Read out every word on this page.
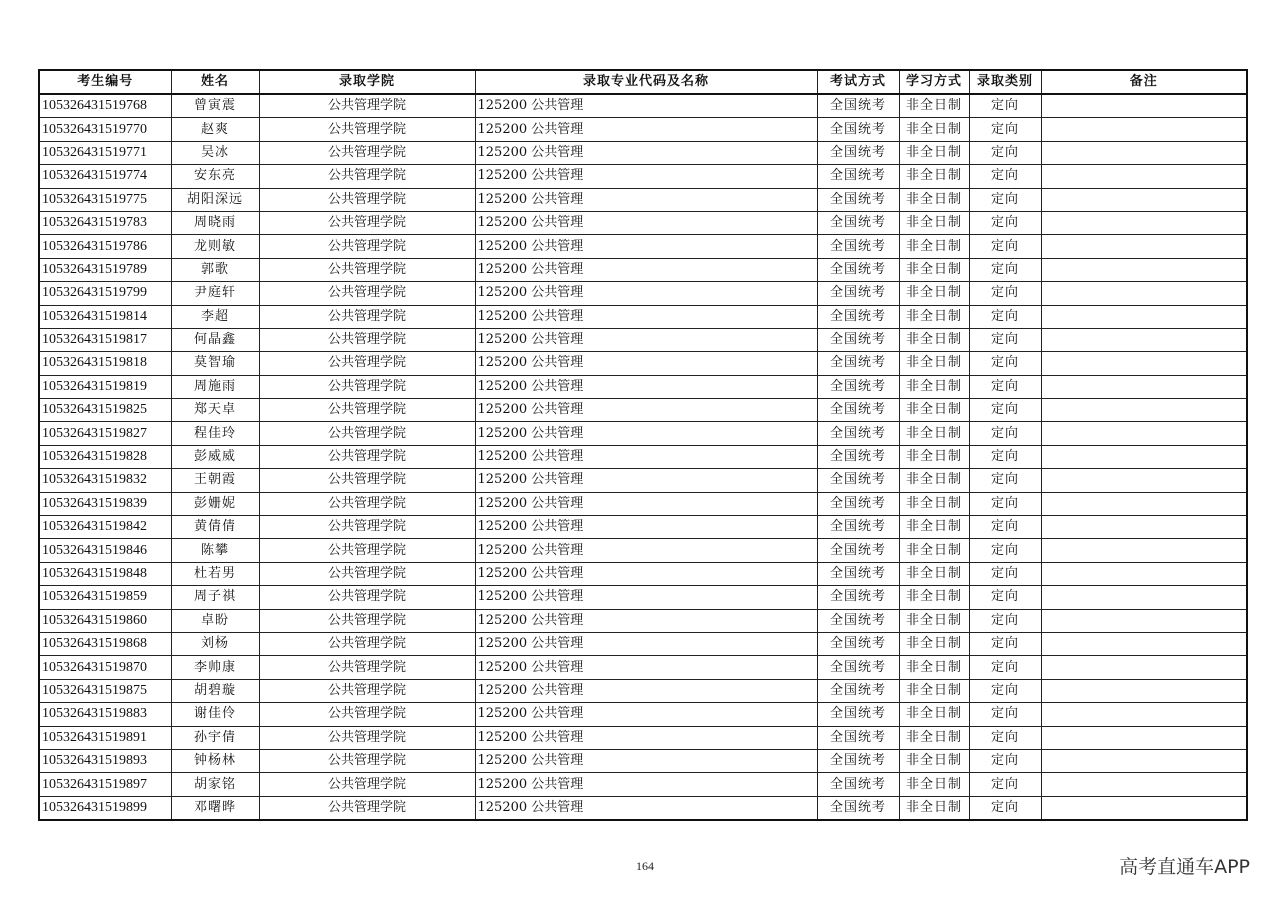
考生编号	姓名	录取学院	录取专业代码及名称	考试方式	学习方式	录取类别	备注
105326431519768	曾寅震	公共管理学院	125200 公共管理	全国统考	非全日制	定向	
105326431519770	赵爽	公共管理学院	125200 公共管理	全国统考	非全日制	定向	
105326431519771	吴冰	公共管理学院	125200 公共管理	全国统考	非全日制	定向	
105326431519774	安东亮	公共管理学院	125200 公共管理	全国统考	非全日制	定向	
105326431519775	胡阳深远	公共管理学院	125200 公共管理	全国统考	非全日制	定向	
105326431519783	周晓雨	公共管理学院	125200 公共管理	全国统考	非全日制	定向	
105326431519786	龙则敏	公共管理学院	125200 公共管理	全国统考	非全日制	定向	
105326431519789	郭歌	公共管理学院	125200 公共管理	全国统考	非全日制	定向	
105326431519799	尹庭轩	公共管理学院	125200 公共管理	全国统考	非全日制	定向	
105326431519814	李超	公共管理学院	125200 公共管理	全国统考	非全日制	定向	
105326431519817	何晶鑫	公共管理学院	125200 公共管理	全国统考	非全日制	定向	
105326431519818	莫智瑜	公共管理学院	125200 公共管理	全国统考	非全日制	定向	
105326431519819	周施雨	公共管理学院	125200 公共管理	全国统考	非全日制	定向	
105326431519825	郑天卓	公共管理学院	125200 公共管理	全国统考	非全日制	定向	
105326431519827	程佳玲	公共管理学院	125200 公共管理	全国统考	非全日制	定向	
105326431519828	彭威威	公共管理学院	125200 公共管理	全国统考	非全日制	定向	
105326431519832	王朝霞	公共管理学院	125200 公共管理	全国统考	非全日制	定向	
105326431519839	彭姗妮	公共管理学院	125200 公共管理	全国统考	非全日制	定向	
105326431519842	黄倩倩	公共管理学院	125200 公共管理	全国统考	非全日制	定向	
105326431519846	陈攀	公共管理学院	125200 公共管理	全国统考	非全日制	定向	
105326431519848	杜若男	公共管理学院	125200 公共管理	全国统考	非全日制	定向	
105326431519859	周子祺	公共管理学院	125200 公共管理	全国统考	非全日制	定向	
105326431519860	卓盼	公共管理学院	125200 公共管理	全国统考	非全日制	定向	
105326431519868	刘杨	公共管理学院	125200 公共管理	全国统考	非全日制	定向	
105326431519870	李帅康	公共管理学院	125200 公共管理	全国统考	非全日制	定向	
105326431519875	胡碧璇	公共管理学院	125200 公共管理	全国统考	非全日制	定向	
105326431519883	谢佳伶	公共管理学院	125200 公共管理	全国统考	非全日制	定向	
105326431519891	孙宇倩	公共管理学院	125200 公共管理	全国统考	非全日制	定向	
105326431519893	钟杨林	公共管理学院	125200 公共管理	全国统考	非全日制	定向	
105326431519897	胡家铭	公共管理学院	125200 公共管理	全国统考	非全日制	定向	
105326431519899	邓曙晔	公共管理学院	125200 公共管理	全国统考	非全日制	定向	
164	高考直通车APP
